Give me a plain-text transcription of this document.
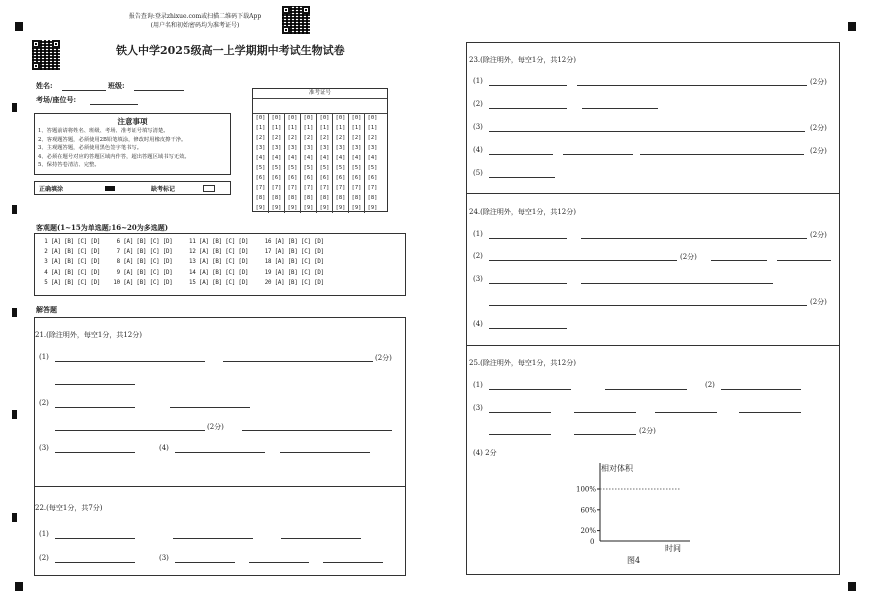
报告查询:登录zhixue.com或扫描二维码下载App
(用户名和初始密码均为准考证号)
铁人中学2025级高一上学期期中考试生物试卷
姓名:	班级:
考场/座位号:
注意事项
1、答题前请将姓名、班级、考场、准考证号填写清楚。
2、客观题答题，必须使用2B铅笔填涂，修改时用橡皮擦干净。
3、主观题答题，必须使用黑色签字笔书写。
4、必须在题号对应的答题区域内作答，超出答题区域书写无效。
5、保持答卷清洁、完整。
正确填涂	缺考标记
准考证号
[0]	[0]	[0]	[0]	[0]	[0]	[0]	[0]
[1]	[1]	[1]	[1]	[1]	[1]	[1]	[1]
[2]	[2]	[2]	[2]	[2]	[2]	[2]	[2]
[3]	[3]	[3]	[3]	[3]	[3]	[3]	[3]
[4]	[4]	[4]	[4]	[4]	[4]	[4]	[4]
[5]	[5]	[5]	[5]	[5]	[5]	[5]	[5]
[6]	[6]	[6]	[6]	[6]	[6]	[6]	[6]
[7]	[7]	[7]	[7]	[7]	[7]	[7]	[7]
[8]	[8]	[8]	[8]	[8]	[8]	[8]	[8]
[9]	[9]	[9]	[9]	[9]	[9]	[9]	[9]
客观题(1~15为单选题;16~20为多选题)
1 [A] [B] [C] [D]     6 [A] [B] [C] [D]     11 [A] [B] [C] [D]     16 [A] [B] [C] [D]
2 [A] [B] [C] [D]     7 [A] [B] [C] [D]     12 [A] [B] [C] [D]     17 [A] [B] [C] [D]
3 [A] [B] [C] [D]     8 [A] [B] [C] [D]     13 [A] [B] [C] [D]     18 [A] [B] [C] [D]
4 [A] [B] [C] [D]     9 [A] [B] [C] [D]     14 [A] [B] [C] [D]     19 [A] [B] [C] [D]
5 [A] [B] [C] [D]    10 [A] [B] [C] [D]     15 [A] [B] [C] [D]     20 [A] [B] [C] [D]
解答题
21.(除注明外，每空1分，共12分)
(1)	(2分)
(2)
(2分)
(3)	(4)
22.(每空1分，共7分)
(1)
(2)	(3)
23.(除注明外，每空1分，共12分)
(1)	(2分)
(2)
(3)	(2分)
(4)	(2分)
(5)
24.(除注明外，每空1分，共12分)
(1)	(2分)
(2)	(2分)
(3)
(2分)
(4)
25.(除注明外，每空1分，共12分)
(1)	(2)
(3)
(2分)
(4) 2分
相对体积
0
时间
100%
60%
20%
图4
